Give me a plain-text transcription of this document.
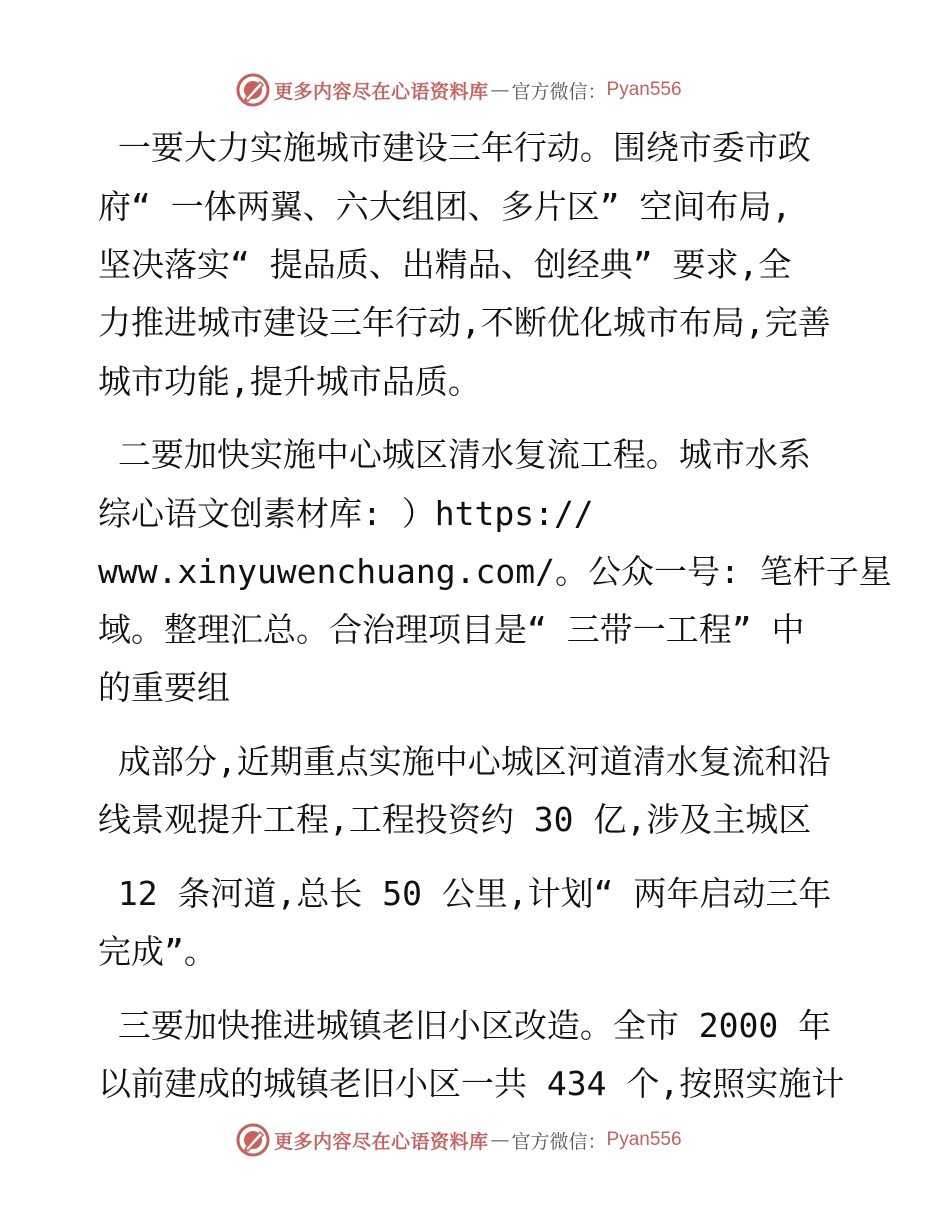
更多内容尽在心语资料库 — 官方微信 ： Pyan556
一要大力实施城市建设三年行动。围绕市委市政
府“ 一体两翼、六大组团、多片区” 空间布局,
坚决落实“ 提品质、出精品、创经典” 要求,全
力推进城市建设三年行动,不断优化城市布局,完善
城市功能,提升城市品质。
二要加快实施中心城区清水复流工程。城市水系
综心语文创素材库: ）https://
www.xinyuwenchuang.com/。公众一号: 笔杆子星
域。整理汇总。合治理项目是“ 三带一工程” 中
的重要组
成部分,近期重点实施中心城区河道清水复流和沿
线景观提升工程,工程投资约 30 亿,涉及主城区
12 条河道,总长 50 公里,计划“ 两年启动三年
完成”。
三要加快推进城镇老旧小区改造。全市 2000 年
以前建成的城镇老旧小区一共 434 个,按照实施计
更多内容尽在心语资料库 — 官方微信 ： Pyan556
